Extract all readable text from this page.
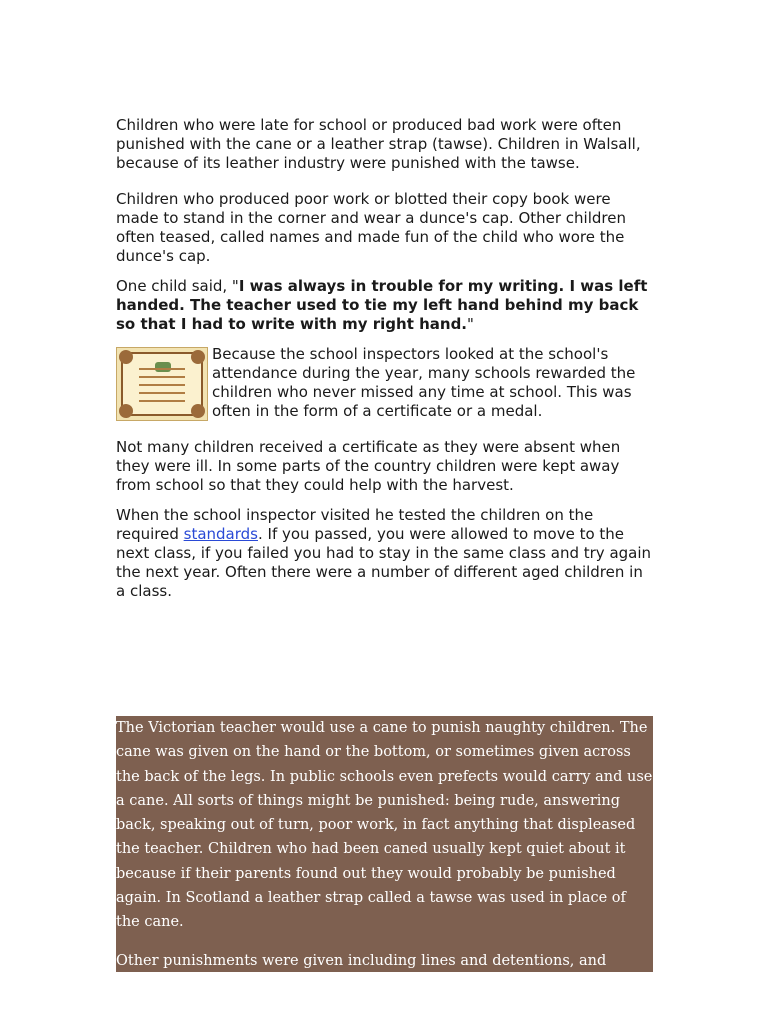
Children who were late for school or produced bad work were often punished with the cane or a leather strap (tawse). Children in Walsall, because of its leather industry were punished with the tawse.

Children who produced poor work or blotted their copy book were made to stand in the corner and wear a dunce's cap. Other children often teased, called names and made fun of the child who wore the dunce's cap.

One child said, "I was always in trouble for my writing. I was left handed. The teacher used to tie my left hand behind my back so that I had to write with my right hand."

Because the school inspectors looked at the school's attendance during the year, many schools rewarded the children who never missed any time at school. This was often in the form of a certificate or a medal.

Not many children received a certificate as they were absent when they were ill. In some parts of the country children were kept away from school so that they could help with the harvest.

When the school inspector visited he tested the children on the required standards. If you passed, you were allowed to move to the next class, if you failed you had to stay in the same class and try again the next year. Often there were a number of different aged children in a class.

The Victorian teacher would use a cane to punish naughty children. The cane was given on the hand or the bottom, or sometimes given across the back of the legs. In public schools even prefects would carry and use a cane. All sorts of things might be punished: being rude, answering back, speaking out of turn, poor work, in fact anything that displeased the teacher. Children who had been caned usually kept quiet about it because if their parents found out they would probably be punished again. In Scotland a leather strap called a tawse was used in place of the cane.

Other punishments were given including lines and detentions, and some, if not all, the deeds were written in a punishment book or log.
